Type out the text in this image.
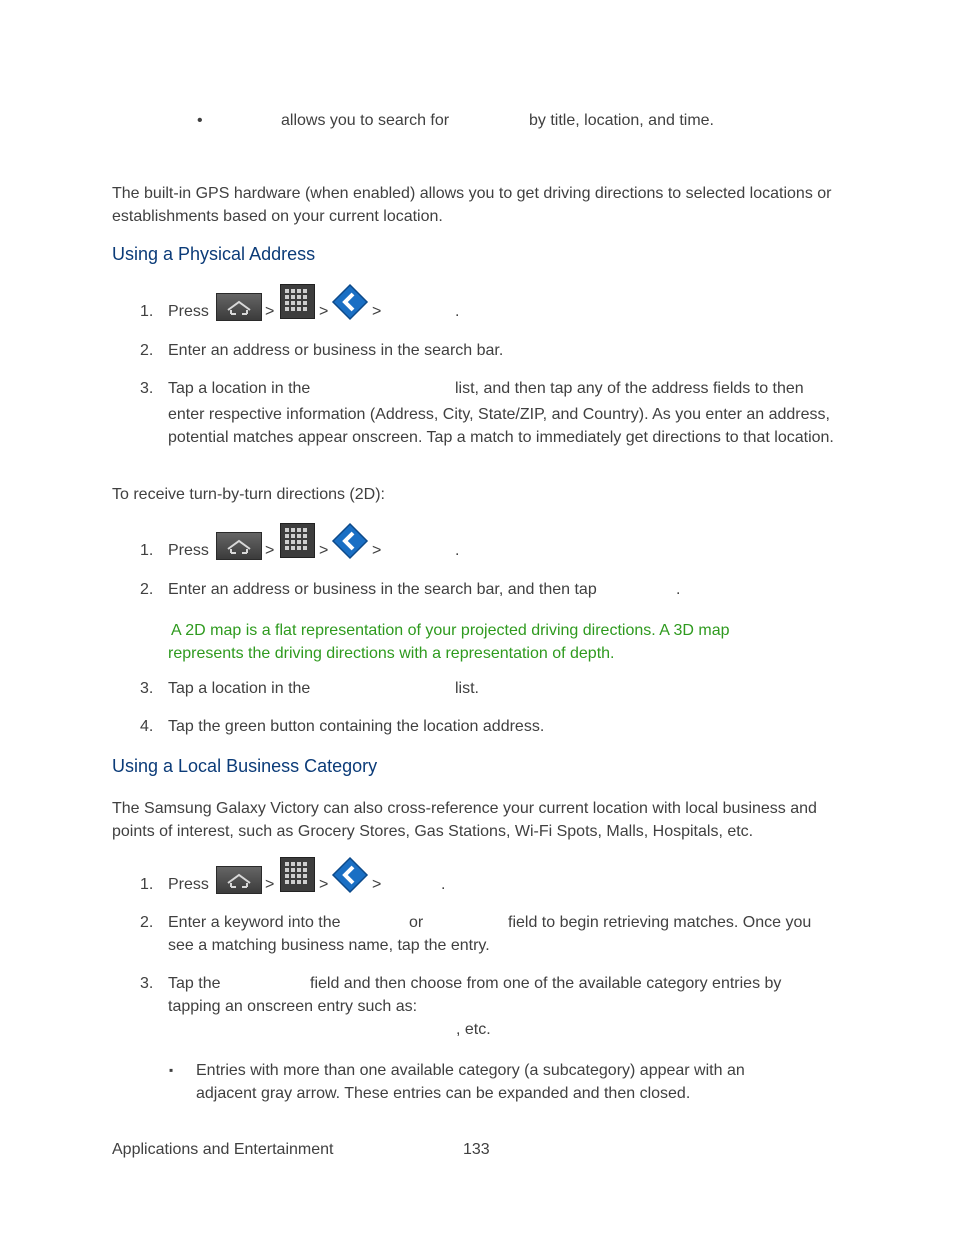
•	allows you to search for	by title, location, and time.
The built-in GPS hardware (when enabled) allows you to get driving directions to selected locations or establishments based on your current location.
Using a Physical Address
1. Press	>	>	>	.
2. Enter an address or business in the search bar.
3. Tap a location in the	list, and then tap any of the address fields to then
enter respective information (Address, City, State/ZIP, and Country). As you enter an address, potential matches appear onscreen. Tap a match to immediately get directions to that location.
To receive turn-by-turn directions (2D):
1. Press	>	>	>	.
2. Enter an address or business in the search bar, and then tap	.
A 2D map is a flat representation of your projected driving directions. A 3D map represents the driving directions with a representation of depth.
3. Tap a location in the	list.
4. Tap the green button containing the location address.
Using a Local Business Category
The Samsung Galaxy Victory can also cross-reference your current location with local business and points of interest, such as Grocery Stores, Gas Stations, Wi-Fi Spots, Malls, Hospitals, etc.
1. Press	>	>	>	.
2. Enter a keyword into the	or	field to begin retrieving matches. Once you
see a matching business name, tap the entry.
3. Tap the	field and then choose from one of the available category entries by
tapping an onscreen entry such as:
, etc.
▪ Entries with more than one available category (a subcategory) appear with an adjacent gray arrow. These entries can be expanded and then closed.
Applications and Entertainment	133
